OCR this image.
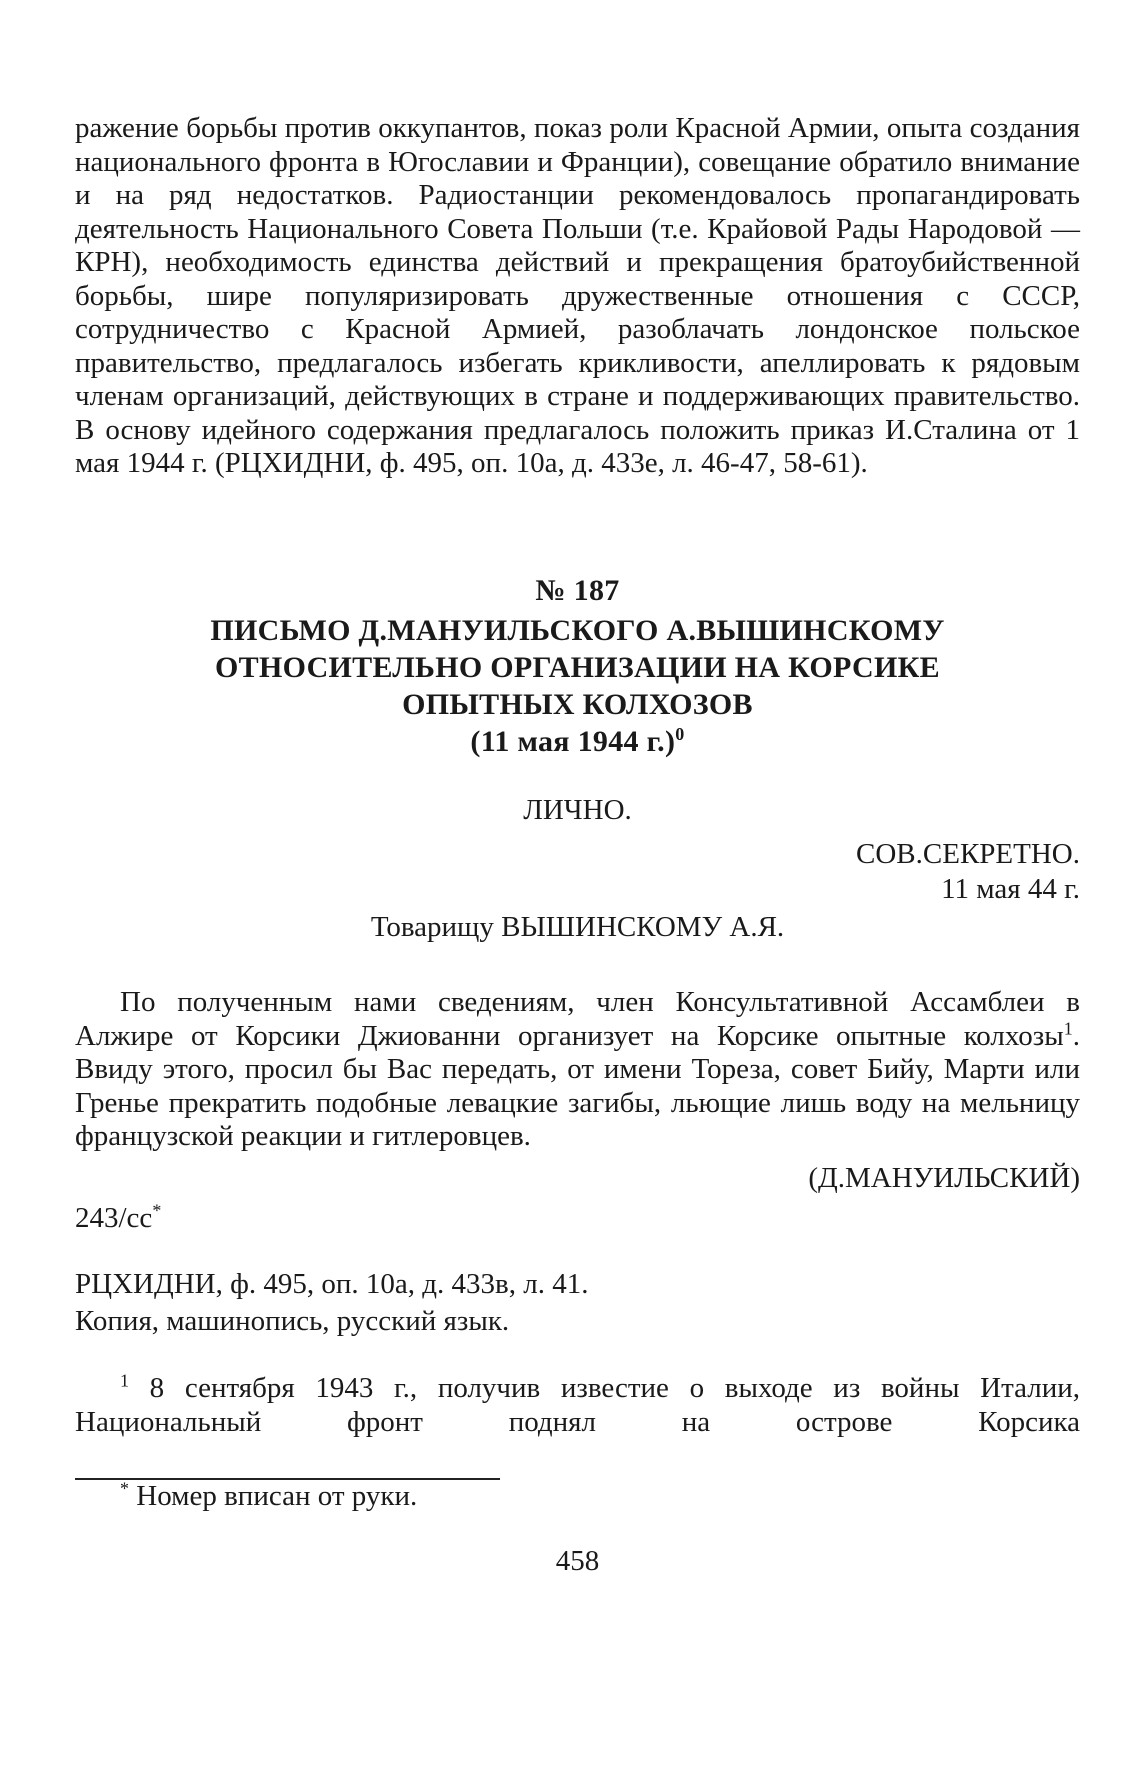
ражение борьбы против оккупантов, показ роли Красной Армии, опыта создания национального фронта в Югославии и Франции), совещание обратило внимание и на ряд недостатков. Радиостанции рекомендовалось пропагандировать деятельность Национального Совета Польши (т.е. Крайовой Рады Народовой — КРН), необходимость единства действий и прекращения братоубийственной борьбы, шире популяризировать дружественные отношения с СССР, сотрудничество с Красной Армией, разоблачать лондонское польское правительство, предлагалось избегать крикливости, апеллировать к рядовым членам организаций, действующих в стране и поддерживающих правительство. В основу идейного содержания предлагалось положить приказ И.Сталина от 1 мая 1944 г. (РЦХИДНИ, ф. 495, оп. 10а, д. 433е, л. 46-47, 58-61).
№ 187
ПИСЬМО Д.МАНУИЛЬСКОГО А.ВЫШИНСКОМУ
ОТНОСИТЕЛЬНО ОРГАНИЗАЦИИ НА КОРСИКЕ
ОПЫТНЫХ КОЛХОЗОВ
(11 мая 1944 г.)$^0$
ЛИЧНО.
СОВ.СЕКРЕТНО.
11 мая 44 г.
Товарищу ВЫШИНСКОМУ А.Я.
По полученным нами сведениям, член Консультативной Ассамблеи в Алжире от Корсики Джиованни организует на Корсике опытные колхозы$^1$. Ввиду этого, просил бы Вас передать, от имени Тореза, совет Бийу, Марти или Гренье прекратить подобные левацкие загибы, льющие лишь воду на мельницу французской реакции и гитлеровцев.
(Д.МАНУИЛЬСКИЙ)
243/сс*
РЦХИДНИ, ф. 495, оп. 10а, д. 433в, л. 41.
Копия, машинопись, русский язык.
$^1$ 8 сентября 1943 г., получив известие о выходе из войны Италии, Национальный фронт поднял на острове Корсика
* Номер вписан от руки.
458
